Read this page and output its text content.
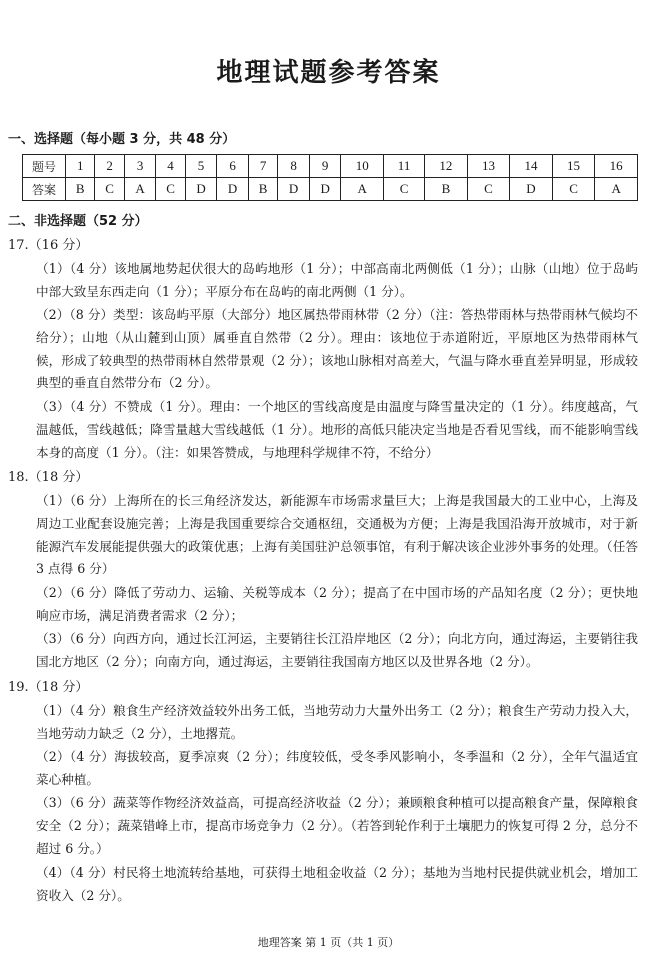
地理试题参考答案
一、选择题（每小题 3 分，共 48 分）
题号	1	2	3	4	5	6	7	8	9	10	11	12	13	14	15	16
答案	B	C	A	C	D	D	B	D	D	A	C	B	C	D	C	A
二、非选择题（52 分）
17.（16 分）
（1）（4 分）该地属地势起伏很大的岛屿地形（1 分）；中部高南北两侧低（1 分）；山脉（山地）位于岛屿中部大致呈东西走向（1 分）；平原分布在岛屿的南北两侧（1 分）。
（2）（8 分）类型：该岛屿平原（大部分）地区属热带雨林带（2 分）（注：答热带雨林与热带雨林气候均不给分）；山地（从山麓到山顶）属垂直自然带（2 分）。理由：该地位于赤道附近，平原地区为热带雨林气候，形成了较典型的热带雨林自然带景观（2 分）；该地山脉相对高差大，气温与降水垂直差异明显，形成较典型的垂直自然带分布（2 分）。
（3）（4 分）不赞成（1 分）。理由：一个地区的雪线高度是由温度与降雪量决定的（1 分）。纬度越高，气温越低，雪线越低；降雪量越大雪线越低（1 分）。地形的高低只能决定当地是否看见雪线，而不能影响雪线本身的高度（1 分）。（注：如果答赞成，与地理科学规律不符，不给分）
18.（18 分）
（1）（6 分）上海所在的长三角经济发达，新能源车市场需求量巨大；上海是我国最大的工业中心，上海及周边工业配套设施完善；上海是我国重要综合交通枢纽，交通极为方便；上海是我国沿海开放城市，对于新能源汽车发展能提供强大的政策优惠；上海有美国驻沪总领事馆，有利于解决该企业涉外事务的处理。（任答 3 点得 6 分）
（2）（6 分）降低了劳动力、运输、关税等成本（2 分）；提高了在中国市场的产品知名度（2 分）；更快地响应市场，满足消费者需求（2 分）；
（3）（6 分）向西方向，通过长江河运，主要销往长江沿岸地区（2 分）；向北方向，通过海运，主要销往我国北方地区（2 分）；向南方向，通过海运，主要销往我国南方地区以及世界各地（2 分）。
19.（18 分）
（1）（4 分）粮食生产经济效益较外出务工低，当地劳动力大量外出务工（2 分）；粮食生产劳动力投入大，当地劳动力缺乏（2 分），土地撂荒。
（2）（4 分）海拔较高，夏季凉爽（2 分）；纬度较低，受冬季风影响小，冬季温和（2 分），全年气温适宜菜心种植。
（3）（6 分）蔬菜等作物经济效益高，可提高经济收益（2 分）；兼顾粮食种植可以提高粮食产量，保障粮食安全（2 分）；蔬菜错峰上市，提高市场竞争力（2 分）。（若答到轮作利于土壤肥力的恢复可得 2 分，总分不超过 6 分。）
（4）（4 分）村民将土地流转给基地，可获得土地租金收益（2 分）；基地为当地村民提供就业机会，增加工资收入（2 分）。
地理答案 第 1 页（共 1 页）
